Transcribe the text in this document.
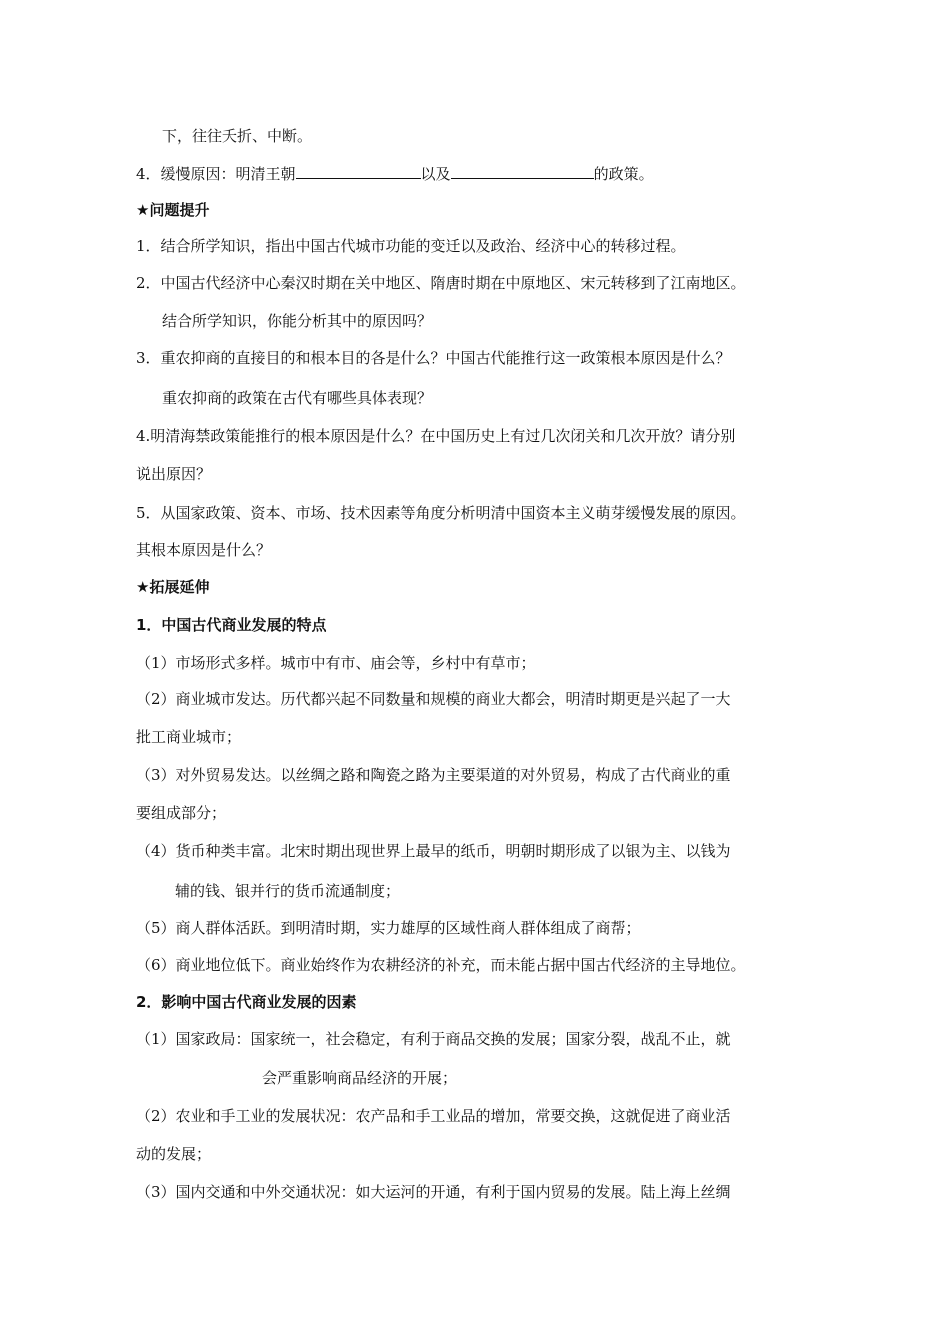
下，往往夭折、中断。
4．缓慢原因：明清王朝	以及	的政策。
★问题提升
1．结合所学知识，指出中国古代城市功能的变迁以及政治、经济中心的转移过程。
2．中国古代经济中心秦汉时期在关中地区、隋唐时期在中原地区、宋元转移到了江南地区。
结合所学知识，你能分析其中的原因吗？
3．重农抑商的直接目的和根本目的各是什么？中国古代能推行这一政策根本原因是什么？
重农抑商的政策在古代有哪些具体表现？
4.明清海禁政策能推行的根本原因是什么？在中国历史上有过几次闭关和几次开放？请分别
说出原因？
5．从国家政策、资本、市场、技术因素等角度分析明清中国资本主义萌芽缓慢发展的原因。
其根本原因是什么？
★拓展延伸
1．中国古代商业发展的特点
（1）市场形式多样。城市中有市、庙会等，乡村中有草市；
（2）商业城市发达。历代都兴起不同数量和规模的商业大都会，明清时期更是兴起了一大
批工商业城市；
（3）对外贸易发达。以丝绸之路和陶瓷之路为主要渠道的对外贸易，构成了古代商业的重
要组成部分；
（4）货币种类丰富。北宋时期出现世界上最早的纸币，明朝时期形成了以银为主、以钱为
辅的钱、银并行的货币流通制度；
（5）商人群体活跃。到明清时期，实力雄厚的区域性商人群体组成了商帮；
（6）商业地位低下。商业始终作为农耕经济的补充，而未能占据中国古代经济的主导地位。
2．影响中国古代商业发展的因素
（1）国家政局：国家统一，社会稳定，有利于商品交换的发展；国家分裂，战乱不止，就
会严重影响商品经济的开展；
（2）农业和手工业的发展状况：农产品和手工业品的增加，常要交换，这就促进了商业活
动的发展；
（3）国内交通和中外交通状况：如大运河的开通，有利于国内贸易的发展。陆上海上丝绸
